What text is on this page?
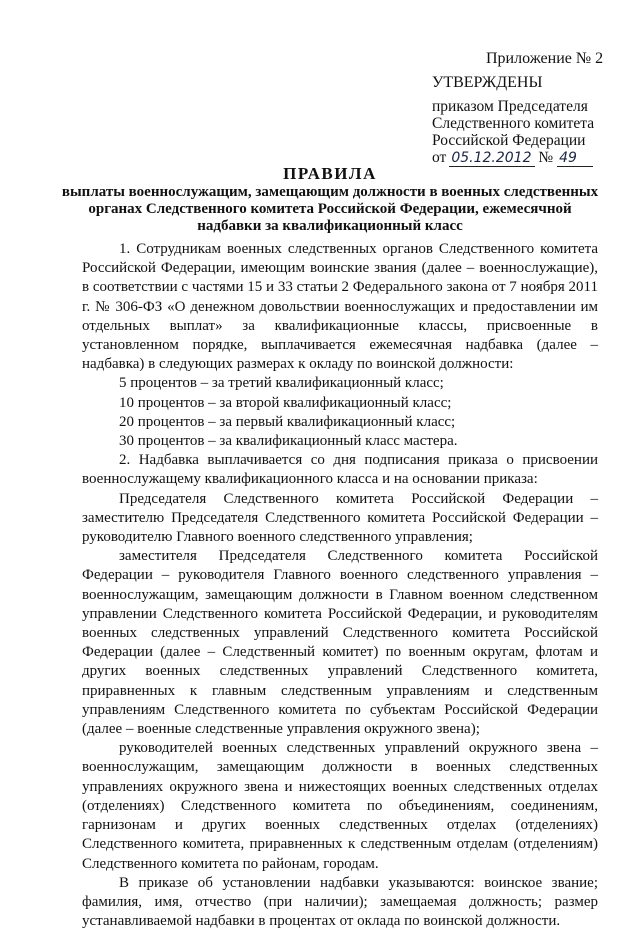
Приложение № 2
УТВЕРЖДЕНЫ
приказом Председателя
Следственного комитета
Российской Федерации
от 05.12.2012 № 49
ПРАВИЛА
выплаты военнослужащим, замещающим должности в военных следственных органах Следственного комитета Российской Федерации, ежемесячной надбавки за квалификационный класс

1. Сотрудникам военных следственных органов Следственного комитета Российской Федерации, имеющим воинские звания (далее – военнослужащие), в соответствии с частями 15 и 33 статьи 2 Федерального закона от 7 ноября 2011 г. № 306-ФЗ «О денежном довольствии военнослужащих и предоставлении им отдельных выплат» за квалификационные классы, присвоенные в установленном порядке, выплачивается ежемесячная надбавка (далее – надбавка) в следующих размерах к окладу по воинской должности:

5 процентов – за третий квалификационный класс;

10 процентов – за второй квалификационный класс;

20 процентов – за первый квалификационный класс;

30 процентов – за квалификационный класс мастера.

2. Надбавка выплачивается со дня подписания приказа о присвоении военнослужащему квалификационного класса и на основании приказа:

Председателя Следственного комитета Российской Федерации – заместителю Председателя Следственного комитета Российской Федерации – руководителю Главного военного следственного управления;

заместителя Председателя Следственного комитета Российской Федерации – руководителя Главного военного следственного управления – военнослужащим, замещающим должности в Главном военном следственном управлении Следственного комитета Российской Федерации, и руководителям военных следственных управлений Следственного комитета Российской Федерации (далее – Следственный комитет) по военным округам, флотам и других военных следственных управлений Следственного комитета, приравненных к главным следственным управлениям и следственным управлениям Следственного комитета по субъектам Российской Федерации (далее – военные следственные управления окружного звена);

руководителей военных следственных управлений окружного звена – военнослужащим, замещающим должности в военных следственных управлениях окружного звена и нижестоящих военных следственных отделах (отделениях) Следственного комитета по объединениям, соединениям, гарнизонам и других военных следственных отделах (отделениях) Следственного комитета, приравненных к следственным отделам (отделениям) Следственного комитета по районам, городам.

В приказе об установлении надбавки указываются: воинское звание; фамилия, имя, отчество (при наличии); замещаемая должность; размер устанавливаемой надбавки в процентах от оклада по воинской должности.
